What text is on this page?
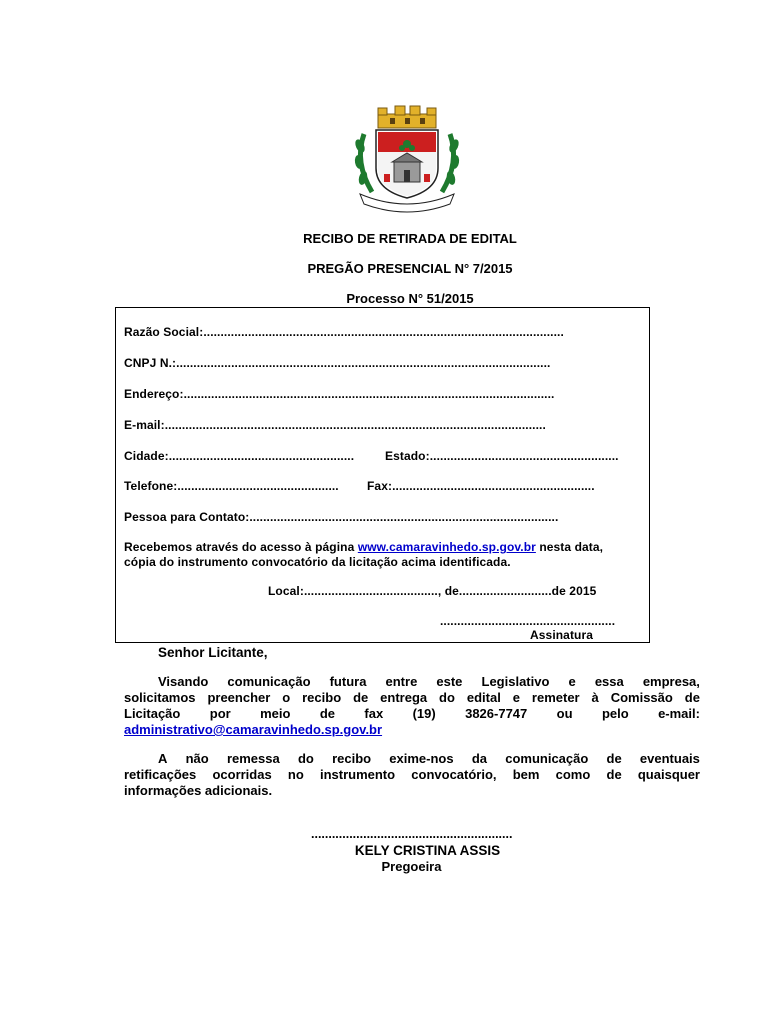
RECIBO DE RETIRADA DE EDITAL
PREGÃO PRESENCIAL N° 7/2015
Processo N° 51/2015
Razão Social:.........................................................................................................
CNPJ N.:.............................................................................................................
Endereço:............................................................................................................
E-mail:...............................................................................................................
Cidade:......................................................	Estado:.......................................................
Telefone:............................................... Fax:...........................................................
Pessoa para Contato:..........................................................................................
Recebemos através do acesso à página www.camaravinhedo.sp.gov.br nesta data,
cópia do instrumento convocatório da licitação acima identificada.
Local:......................................., de...........................de 2015
...................................................
Assinatura
Senhor Licitante,
Visando comunicação futura entre este Legislativo e essa empresa,
solicitamos preencher o recibo de entrega do edital e remeter à Comissão de
Licitação por meio de fax (19) 3826-7747 ou pelo e-mail:
administrativo@camaravinhedo.sp.gov.br
A não remessa do recibo exime-nos da comunicação de eventuais
retificações ocorridas no instrumento convocatório, bem como de quaisquer
informações adicionais.
..........................................................
KELY CRISTINA ASSIS
Pregoeira
